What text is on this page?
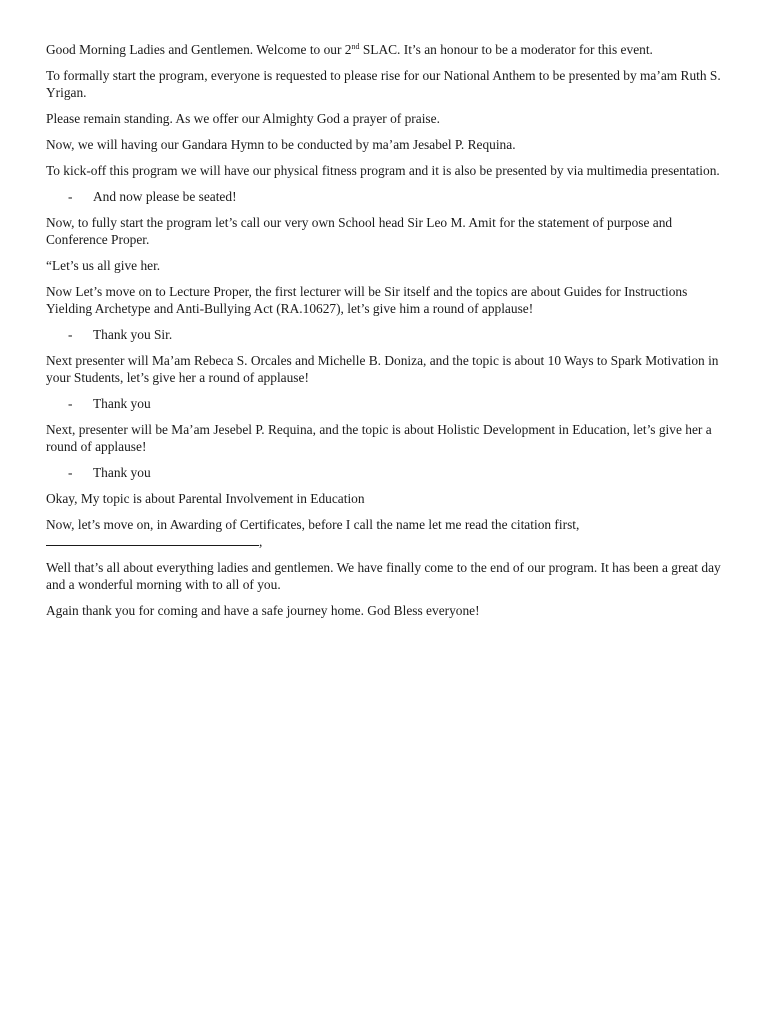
Good Morning Ladies and Gentlemen. Welcome to our 2nd SLAC. It’s an honour to be a moderator for this event.

To formally start the program, everyone is requested to please rise for our National Anthem to be presented by ma’am Ruth S. Yrigan.

Please remain standing. As we offer our Almighty God a prayer of praise.

Now, we will having our Gandara Hymn to be conducted by ma’am Jesabel P. Requina.

To kick-off this program we will have our physical fitness program and it is also be presented by via multimedia presentation.

- And now please be seated!

Now, to fully start the program let’s call our very own School head Sir Leo M. Amit for the statement of purpose and Conference Proper.

“Let’s us all give her.

Now Let’s move on to Lecture Proper, the first lecturer will be Sir itself and the topics are about Guides for Instructions Yielding Archetype and Anti-Bullying Act (RA.10627), let’s give him a round of applause!

- Thank you Sir.

Next presenter will Ma’am Rebeca S. Orcales and Michelle B. Doniza, and the topic is about 10 Ways to Spark Motivation in your Students, let’s give her a round of applause!

- Thank you

Next, presenter will be Ma’am Jesebel P. Requina, and the topic is about Holistic Development in Education, let’s give her a round of applause!

- Thank you

Okay, My topic is about Parental Involvement in Education

Now, let’s move on, in Awarding of Certificates, before I call the name let me read the citation first, ,

Well that’s all about everything ladies and gentlemen. We have finally come to the end of our program. It has been a great day and a wonderful morning with to all of you.

Again thank you for coming and have a safe journey home. God Bless everyone!
